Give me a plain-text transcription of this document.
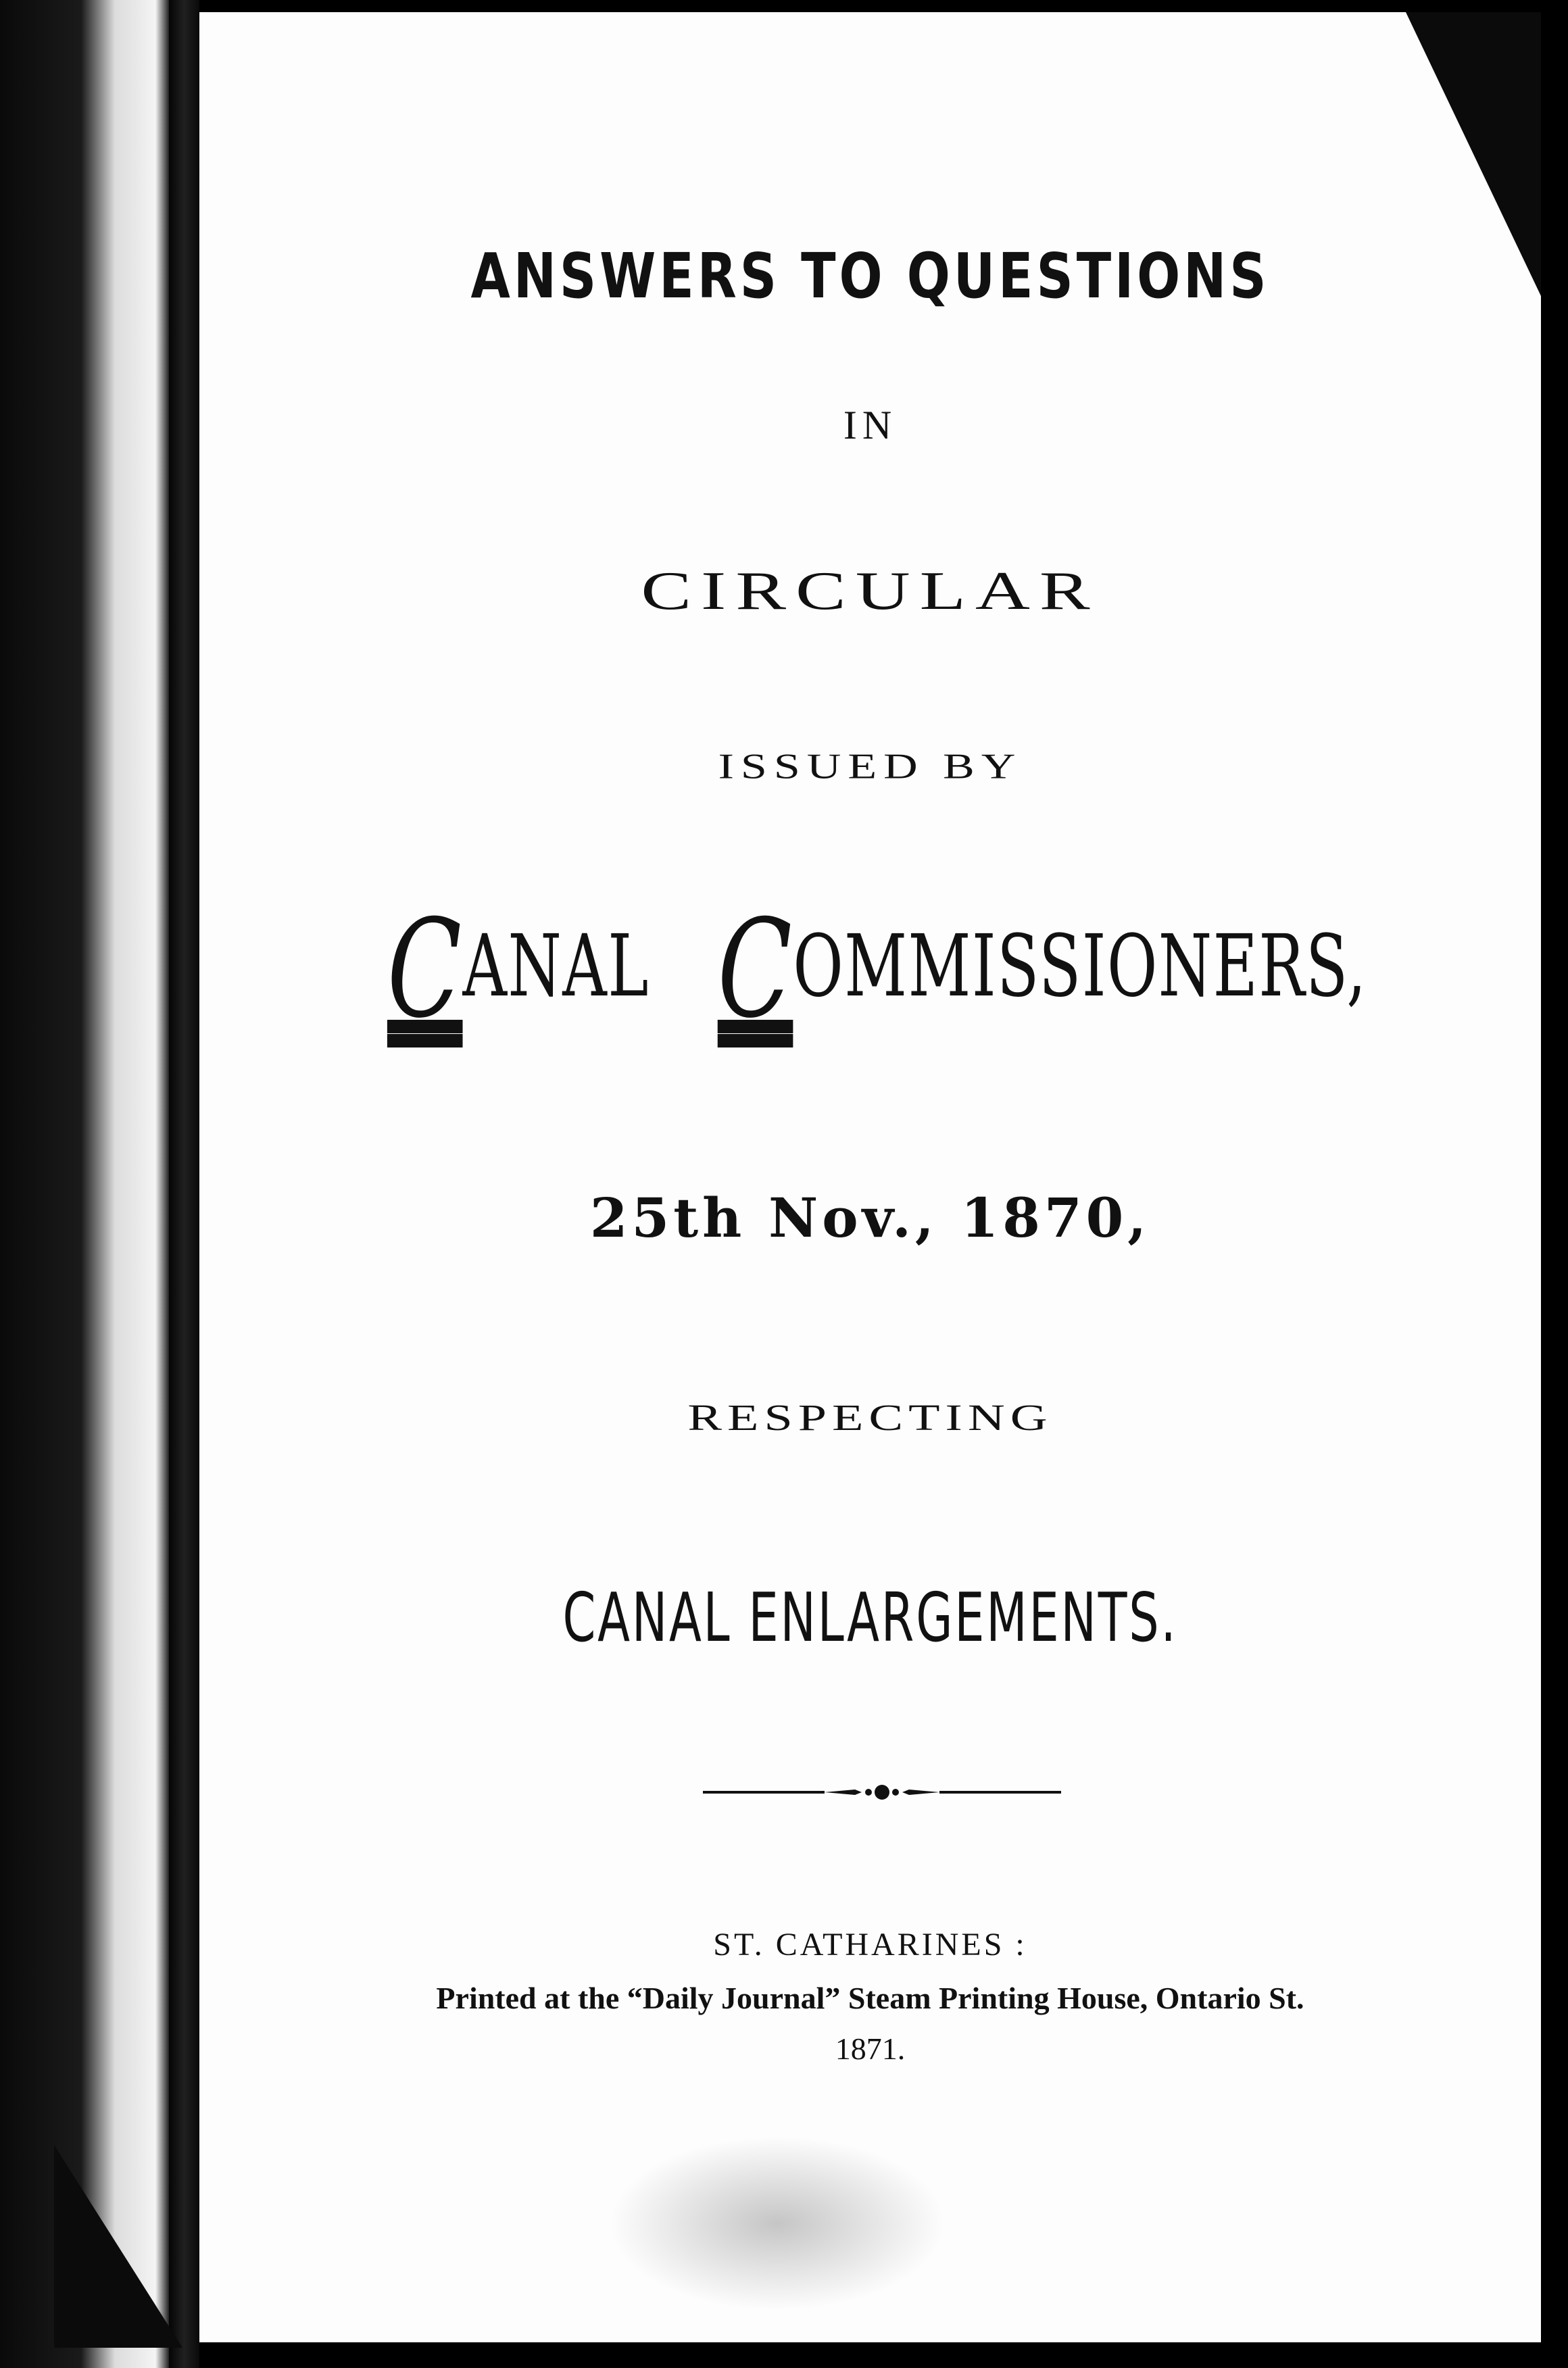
ANSWERS TO QUESTIONS
IN
CIRCULAR
ISSUED BY
CANAL COMMISSIONERS,
25th Nov., 1870,
RESPECTING
CANAL ENLARGEMENTS.
ST. CATHARINES :
Printed at the “Daily Journal” Steam Printing House, Ontario St.
1871.
